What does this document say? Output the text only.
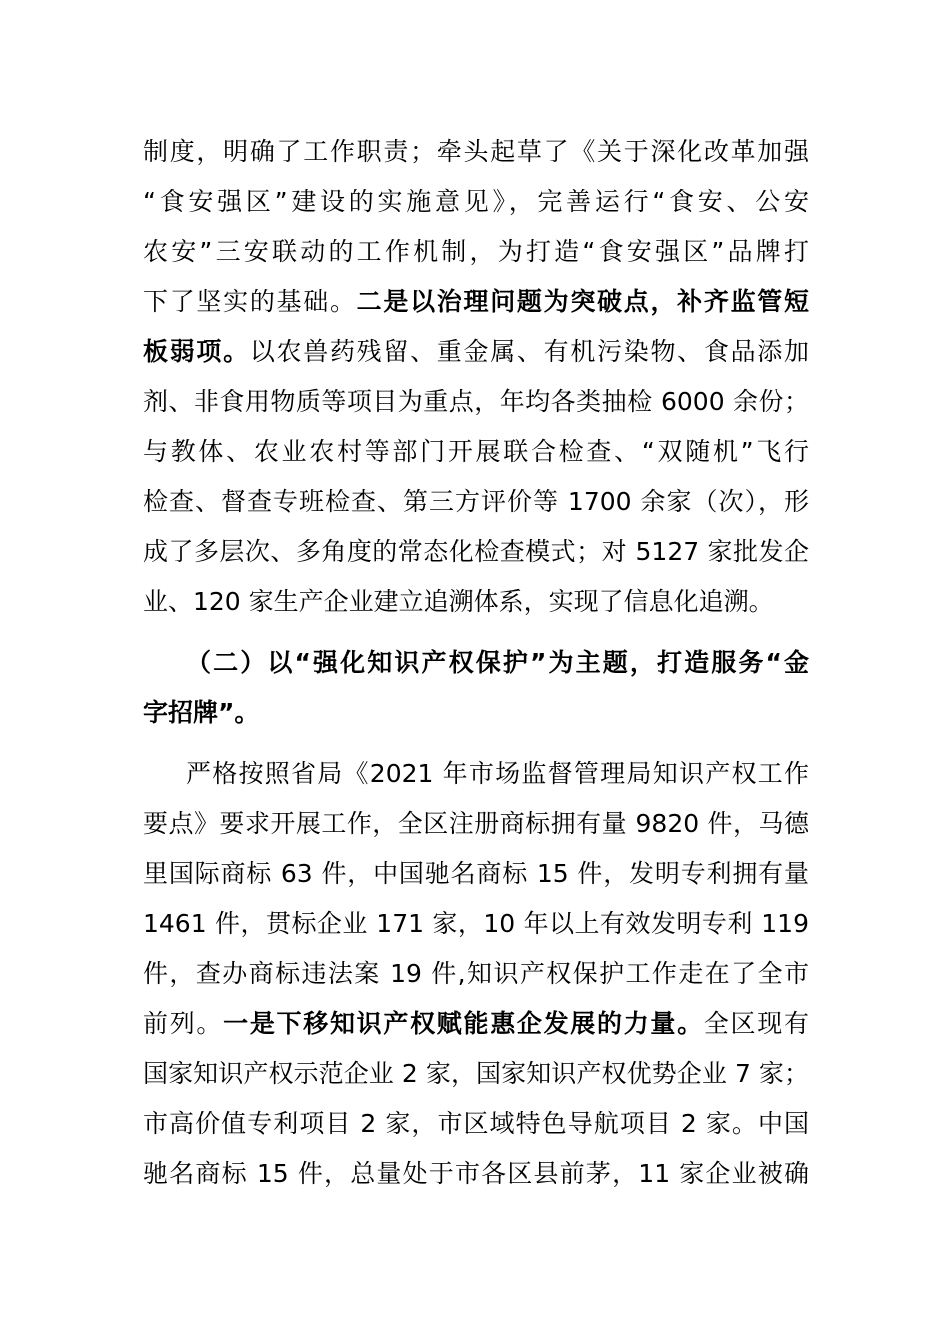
制度，明确了工作职责；牵头起草了《关于深化改革加强
“食安强区”建设的实施意见》，完善运行“食安、公安
农安”三安联动的工作机制，为打造“食安强区”品牌打
下了坚实的基础。二是以治理问题为突破点，补齐监管短
板弱项。以农兽药残留、重金属、有机污染物、食品添加
剂、非食用物质等项目为重点，年均各类抽检 6000 余份；
与教体、农业农村等部门开展联合检查、“双随机”飞行
检查、督查专班检查、第三方评价等 1700 余家（次），形
成了多层次、多角度的常态化检查模式；对 5127 家批发企
业、120 家生产企业建立追溯体系，实现了信息化追溯。
（二）以“强化知识产权保护”为主题，打造服务“金
字招牌”。
严格按照省局《2021 年市场监督管理局知识产权工作
要点》要求开展工作，全区注册商标拥有量 9820 件，马德
里国际商标 63 件，中国驰名商标 15 件，发明专利拥有量
1461 件，贯标企业 171 家，10 年以上有效发明专利 119
件，查办商标违法案 19 件,知识产权保护工作走在了全市
前列。一是下移知识产权赋能惠企发展的力量。全区现有
国家知识产权示范企业 2 家，国家知识产权优势企业 7 家；
市高价值专利项目 2 家，市区域特色导航项目 2 家。中国
驰名商标 15 件，总量处于市各区县前茅，11 家企业被确
